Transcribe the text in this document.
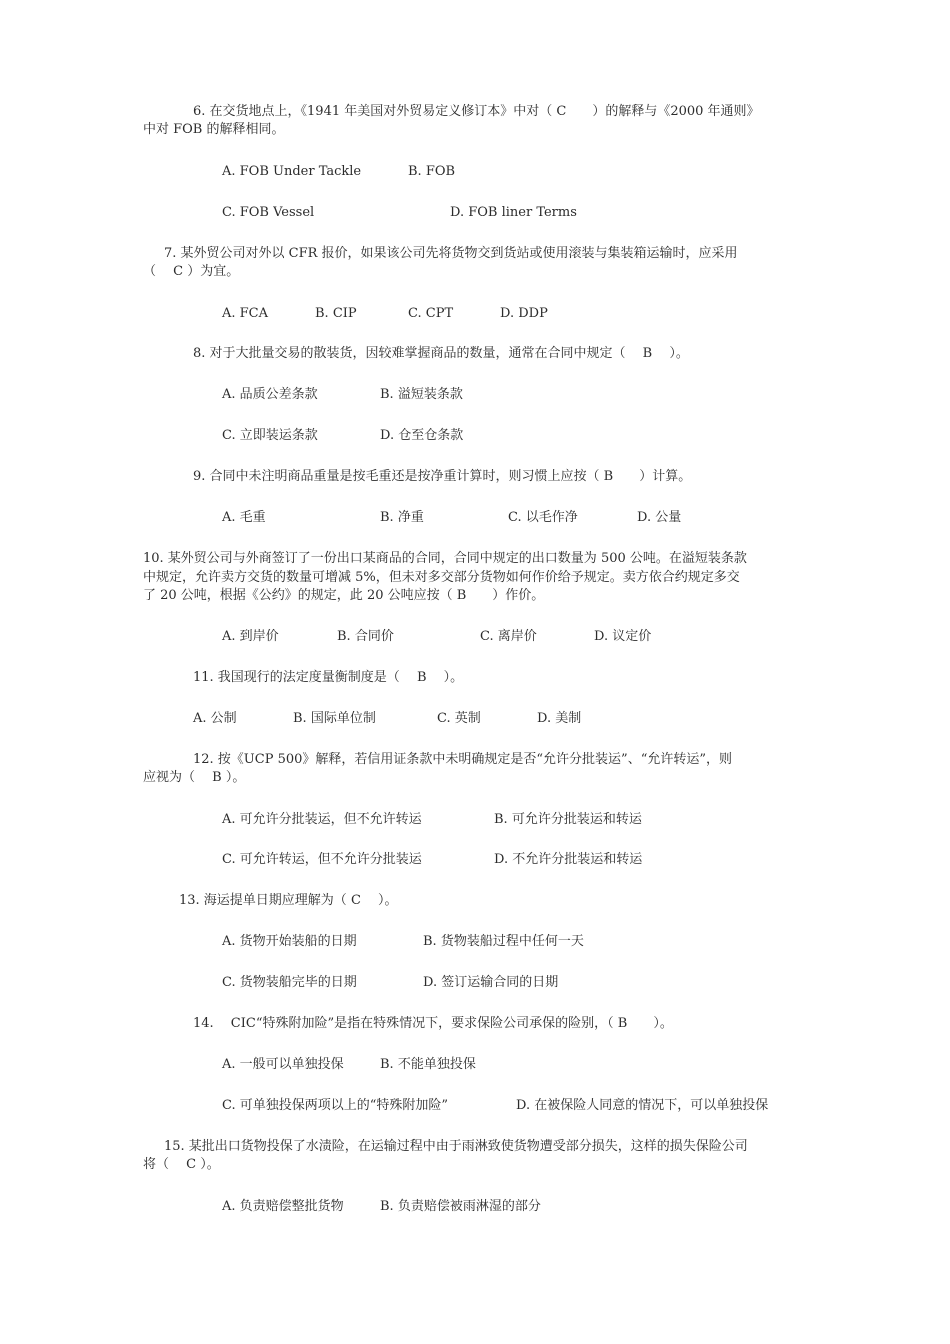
6. 在交货地点上，《1941 年美国对外贸易定义修订本》中对（ C　　）的解释与《2000 年通则》
中对 FOB 的解释相同。
A. FOB Under Tackle	B. FOB
C. FOB Vessel	D. FOB liner Terms
7. 某外贸公司对外以 CFR 报价，如果该公司先将货物交到货站或使用滚装与集装箱运输时，应采用
（　 C ）为宜。
A. FCA	B. CIP	C. CPT	D. DDP
8. 对于大批量交易的散装货，因较难掌握商品的数量，通常在合同中规定（　 B　 ）。
A. 品质公差条款	B. 溢短装条款
C. 立即装运条款	D. 仓至仓条款
9. 合同中未注明商品重量是按毛重还是按净重计算时，则习惯上应按（ B　　）计算。
A. 毛重	B. 净重	C. 以毛作净	D. 公量
10. 某外贸公司与外商签订了一份出口某商品的合同，合同中规定的出口数量为 500 公吨。在溢短装条款
中规定，允许卖方交货的数量可增减 5%，但未对多交部分货物如何作价给予规定。卖方依合约规定多交
了 20 公吨，根据《公约》的规定，此 20 公吨应按（ B　　）作价。
A. 到岸价	B. 合同价	C. 离岸价	D. 议定价
11. 我国现行的法定度量衡制度是（　 B　 ）。
A. 公制	B. 国际单位制	C. 英制	D. 美制
12. 按《UCP 500》解释，若信用证条款中未明确规定是否“允许分批装运”、“允许转运”，则
应视为（　 B ）。
A. 可允许分批装运，但不允许转运	B. 可允许分批装运和转运
C. 可允许转运，但不允许分批装运	D. 不允许分批装运和转运
13. 海运提单日期应理解为（ C　 ）。
A. 货物开始装船的日期	B. 货物装船过程中任何一天
C. 货物装船完毕的日期	D. 签订运输合同的日期
14.　 CIC“特殊附加险”是指在特殊情况下，要求保险公司承保的险别，（ B　　）。
A. 一般可以单独投保	B. 不能单独投保
C. 可单独投保两项以上的“特殊附加险”	D. 在被保险人同意的情况下，可以单独投保
15. 某批出口货物投保了水渍险，在运输过程中由于雨淋致使货物遭受部分损失，这样的损失保险公司
将（　 C ）。
A. 负责赔偿整批货物	B. 负责赔偿被雨淋湿的部分
